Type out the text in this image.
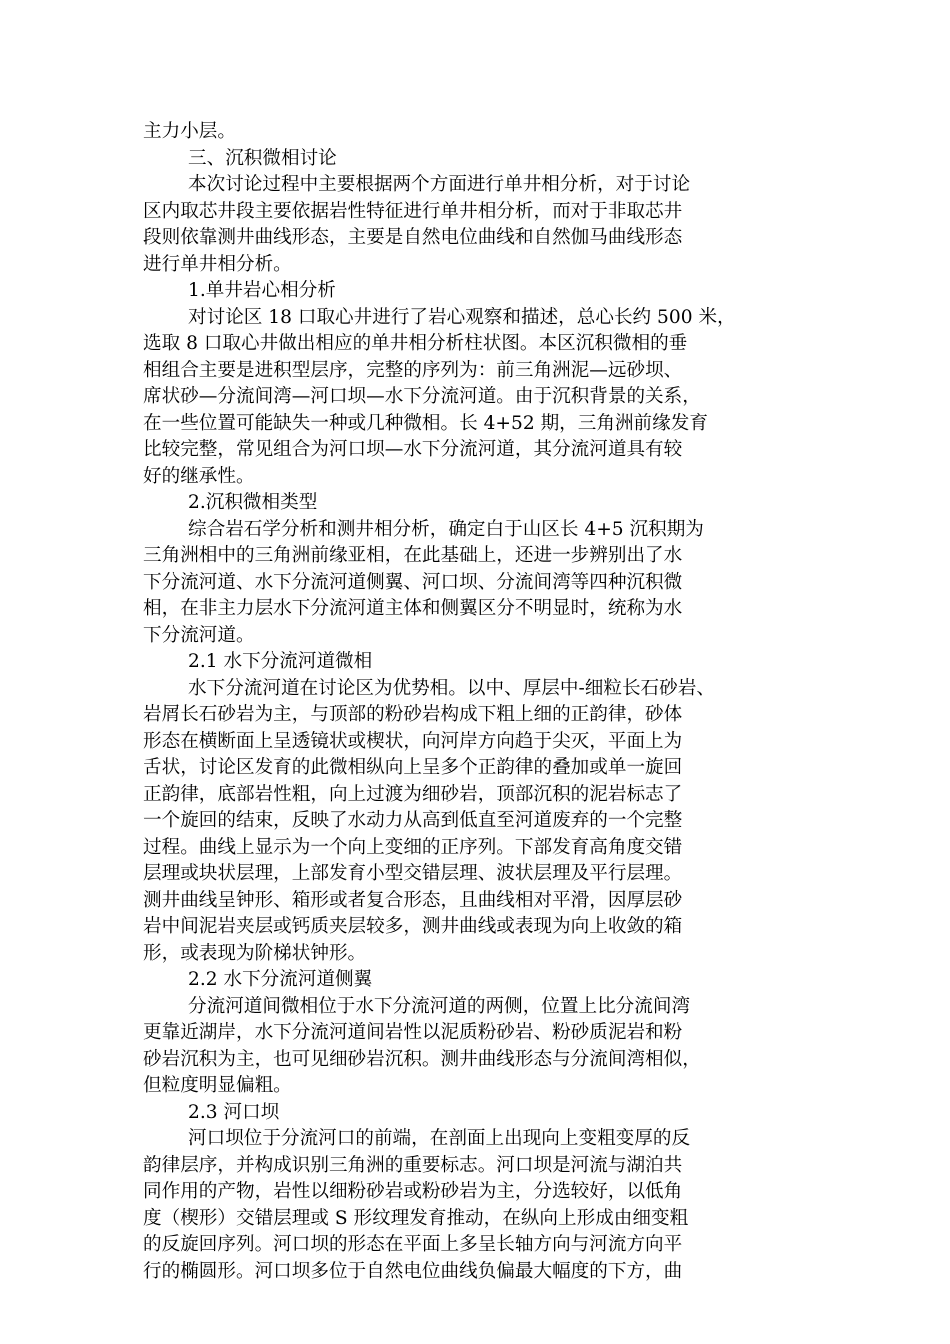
主力小层。
三、沉积微相讨论
本次讨论过程中主要根据两个方面进行单井相分析，对于讨论
区内取芯井段主要依据岩性特征进行单井相分析，而对于非取芯井
段则依靠测井曲线形态，主要是自然电位曲线和自然伽马曲线形态
进行单井相分析。
1.单井岩心相分析
对讨论区 18 口取心井进行了岩心观察和描述，总心长约 500 米，
选取 8 口取心井做出相应的单井相分析柱状图。本区沉积微相的垂
相组合主要是进积型层序，完整的序列为：前三角洲泥—远砂坝、
席状砂—分流间湾—河口坝—水下分流河道。由于沉积背景的关系，
在一些位置可能缺失一种或几种微相。长 4+52 期，三角洲前缘发育
比较完整，常见组合为河口坝—水下分流河道，其分流河道具有较
好的继承性。
2.沉积微相类型
综合岩石学分析和测井相分析，确定白于山区长 4+5 沉积期为
三角洲相中的三角洲前缘亚相，在此基础上，还进一步辨别出了水
下分流河道、水下分流河道侧翼、河口坝、分流间湾等四种沉积微
相，在非主力层水下分流河道主体和侧翼区分不明显时，统称为水
下分流河道。
2.1 水下分流河道微相
水下分流河道在讨论区为优势相。以中、厚层中-细粒长石砂岩、
岩屑长石砂岩为主，与顶部的粉砂岩构成下粗上细的正韵律，砂体
形态在横断面上呈透镜状或楔状，向河岸方向趋于尖灭，平面上为
舌状，讨论区发育的此微相纵向上呈多个正韵律的叠加或单一旋回
正韵律，底部岩性粗，向上过渡为细砂岩，顶部沉积的泥岩标志了
一个旋回的结束，反映了水动力从高到低直至河道废弃的一个完整
过程。曲线上显示为一个向上变细的正序列。下部发育高角度交错
层理或块状层理，上部发育小型交错层理、波状层理及平行层理。
测井曲线呈钟形、箱形或者复合形态，且曲线相对平滑，因厚层砂
岩中间泥岩夹层或钙质夹层较多，测井曲线或表现为向上收敛的箱
形，或表现为阶梯状钟形。
2.2 水下分流河道侧翼
分流河道间微相位于水下分流河道的两侧，位置上比分流间湾
更靠近湖岸，水下分流河道间岩性以泥质粉砂岩、粉砂质泥岩和粉
砂岩沉积为主，也可见细砂岩沉积。测井曲线形态与分流间湾相似，
但粒度明显偏粗。
2.3 河口坝
河口坝位于分流河口的前端，在剖面上出现向上变粗变厚的反
韵律层序，并构成识别三角洲的重要标志。河口坝是河流与湖泊共
同作用的产物，岩性以细粉砂岩或粉砂岩为主，分选较好，以低角
度（楔形）交错层理或 S 形纹理发育推动，在纵向上形成由细变粗
的反旋回序列。河口坝的形态在平面上多呈长轴方向与河流方向平
行的椭圆形。河口坝多位于自然电位曲线负偏最大幅度的下方，曲
